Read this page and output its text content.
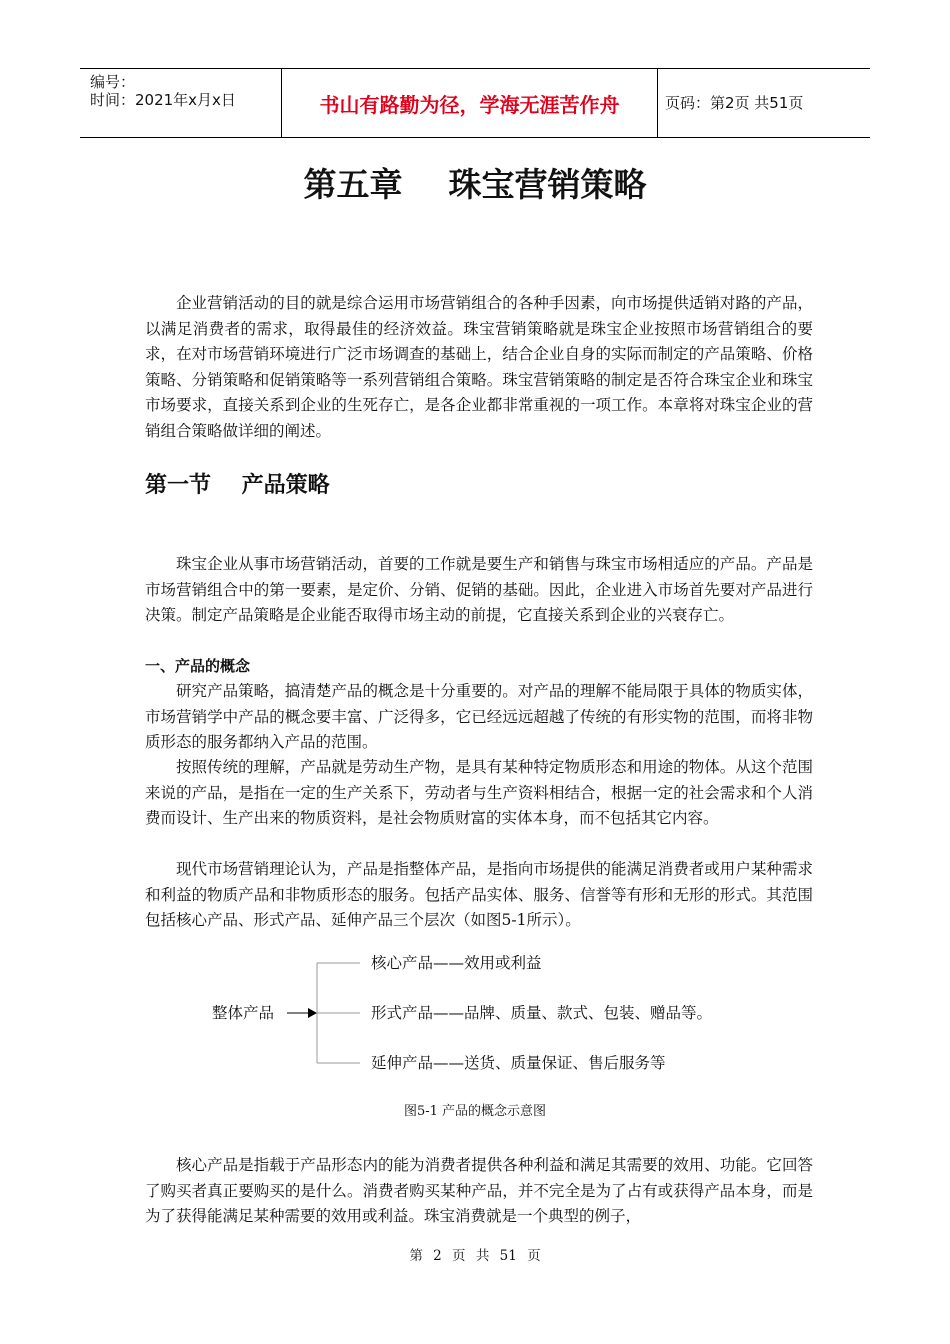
编号：
时间：2021年x月x日	书山有路勤为径，学海无涯苦作舟	页码：第2页 共51页
第五章    珠宝营销策略

企业营销活动的目的就是综合运用市场营销组合的各种手因素，向市场提供适销对路的产品，以满足消费者的需求，取得最佳的经济效益。珠宝营销策略就是珠宝企业按照市场营销组合的要求，在对市场营销环境进行广泛市场调查的基础上，结合企业自身的实际而制定的产品策略、价格策略、分销策略和促销策略等一系列营销组合策略。珠宝营销策略的制定是否符合珠宝企业和珠宝市场要求，直接关系到企业的生死存亡，是各企业都非常重视的一项工作。本章将对珠宝企业的营销组合策略做详细的阐述。

第一节    产品策略

珠宝企业从事市场营销活动，首要的工作就是要生产和销售与珠宝市场相适应的产品。产品是市场营销组合中的第一要素，是定价、分销、促销的基础。因此，企业进入市场首先要对产品进行决策。制定产品策略是企业能否取得市场主动的前提，它直接关系到企业的兴衰存亡。

一、产品的概念

研究产品策略，搞清楚产品的概念是十分重要的。对产品的理解不能局限于具体的物质实体，市场营销学中产品的概念要丰富、广泛得多，它已经远远超越了传统的有形实物的范围，而将非物质形态的服务都纳入产品的范围。

按照传统的理解，产品就是劳动生产物，是具有某种特定物质形态和用途的物体。从这个范围来说的产品，是指在一定的生产关系下，劳动者与生产资料相结合，根据一定的社会需求和个人消费而设计、生产出来的物质资料，是社会物质财富的实体本身，而不包括其它内容。

现代市场营销理论认为，产品是指整体产品，是指向市场提供的能满足消费者或用户某种需求和利益的物质产品和非物质形态的服务。包括产品实体、服务、信誉等有形和无形的形式。其范围包括核心产品、形式产品、延伸产品三个层次（如图5-1所示）。

整体产品
核心产品——效用或利益
形式产品——品牌、质量、款式、包装、赠品等。
延伸产品——送货、质量保证、售后服务等
图5-1 产品的概念示意图

核心产品是指载于产品形态内的能为消费者提供各种利益和满足其需要的效用、功能。它回答了购买者真正要购买的是什么。消费者购买某种产品，并不完全是为了占有或获得产品本身，而是为了获得能满足某种需要的效用或利益。珠宝消费就是一个典型的例子，

第 2 页 共 51 页
